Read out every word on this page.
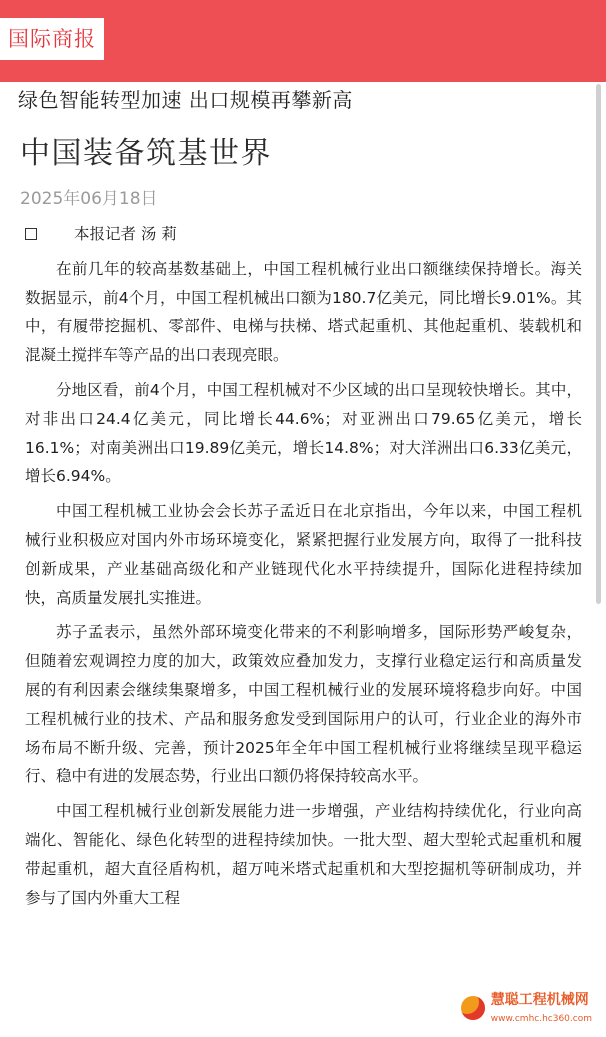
国际商报
绿色智能转型加速 出口规模再攀新高
中国装备筑基世界
2025年06月18日

本报记者 汤 莉

在前几年的较高基数基础上，中国工程机械行业出口额继续保持增长。海关数据显示，前4个月，中国工程机械出口额为180.7亿美元，同比增长9.01%。其中，有履带挖掘机、零部件、电梯与扶梯、塔式起重机、其他起重机、装载机和混凝土搅拌车等产品的出口表现亮眼。

分地区看，前4个月，中国工程机械对不少区域的出口呈现较快增长。其中，对非出口24.4亿美元，同比增长44.6%；对亚洲出口79.65亿美元，增长16.1%；对南美洲出口19.89亿美元，增长14.8%；对大洋洲出口6.33亿美元，增长6.94%。

中国工程机械工业协会会长苏子孟近日在北京指出，今年以来，中国工程机械行业积极应对国内外市场环境变化，紧紧把握行业发展方向，取得了一批科技创新成果，产业基础高级化和产业链现代化水平持续提升，国际化进程持续加快，高质量发展扎实推进。

苏子孟表示，虽然外部环境变化带来的不利影响增多，国际形势严峻复杂，但随着宏观调控力度的加大，政策效应叠加发力，支撑行业稳定运行和高质量发展的有利因素会继续集聚增多，中国工程机械行业的发展环境将稳步向好。中国工程机械行业的技术、产品和服务愈发受到国际用户的认可，行业企业的海外市场布局不断升级、完善，预计2025年全年中国工程机械行业将继续呈现平稳运行、稳中有进的发展态势，行业出口额仍将保持较高水平。

中国工程机械行业创新发展能力进一步增强，产业结构持续优化，行业向高端化、智能化、绿色化转型的进程持续加快。一批大型、超大型轮式起重机和履带起重机，超大直径盾构机，超万吨米塔式起重机和大型挖掘机等研制成功，并参与了国内外重大工程

慧聪工程机械网
www.cmhc.hc360.com
